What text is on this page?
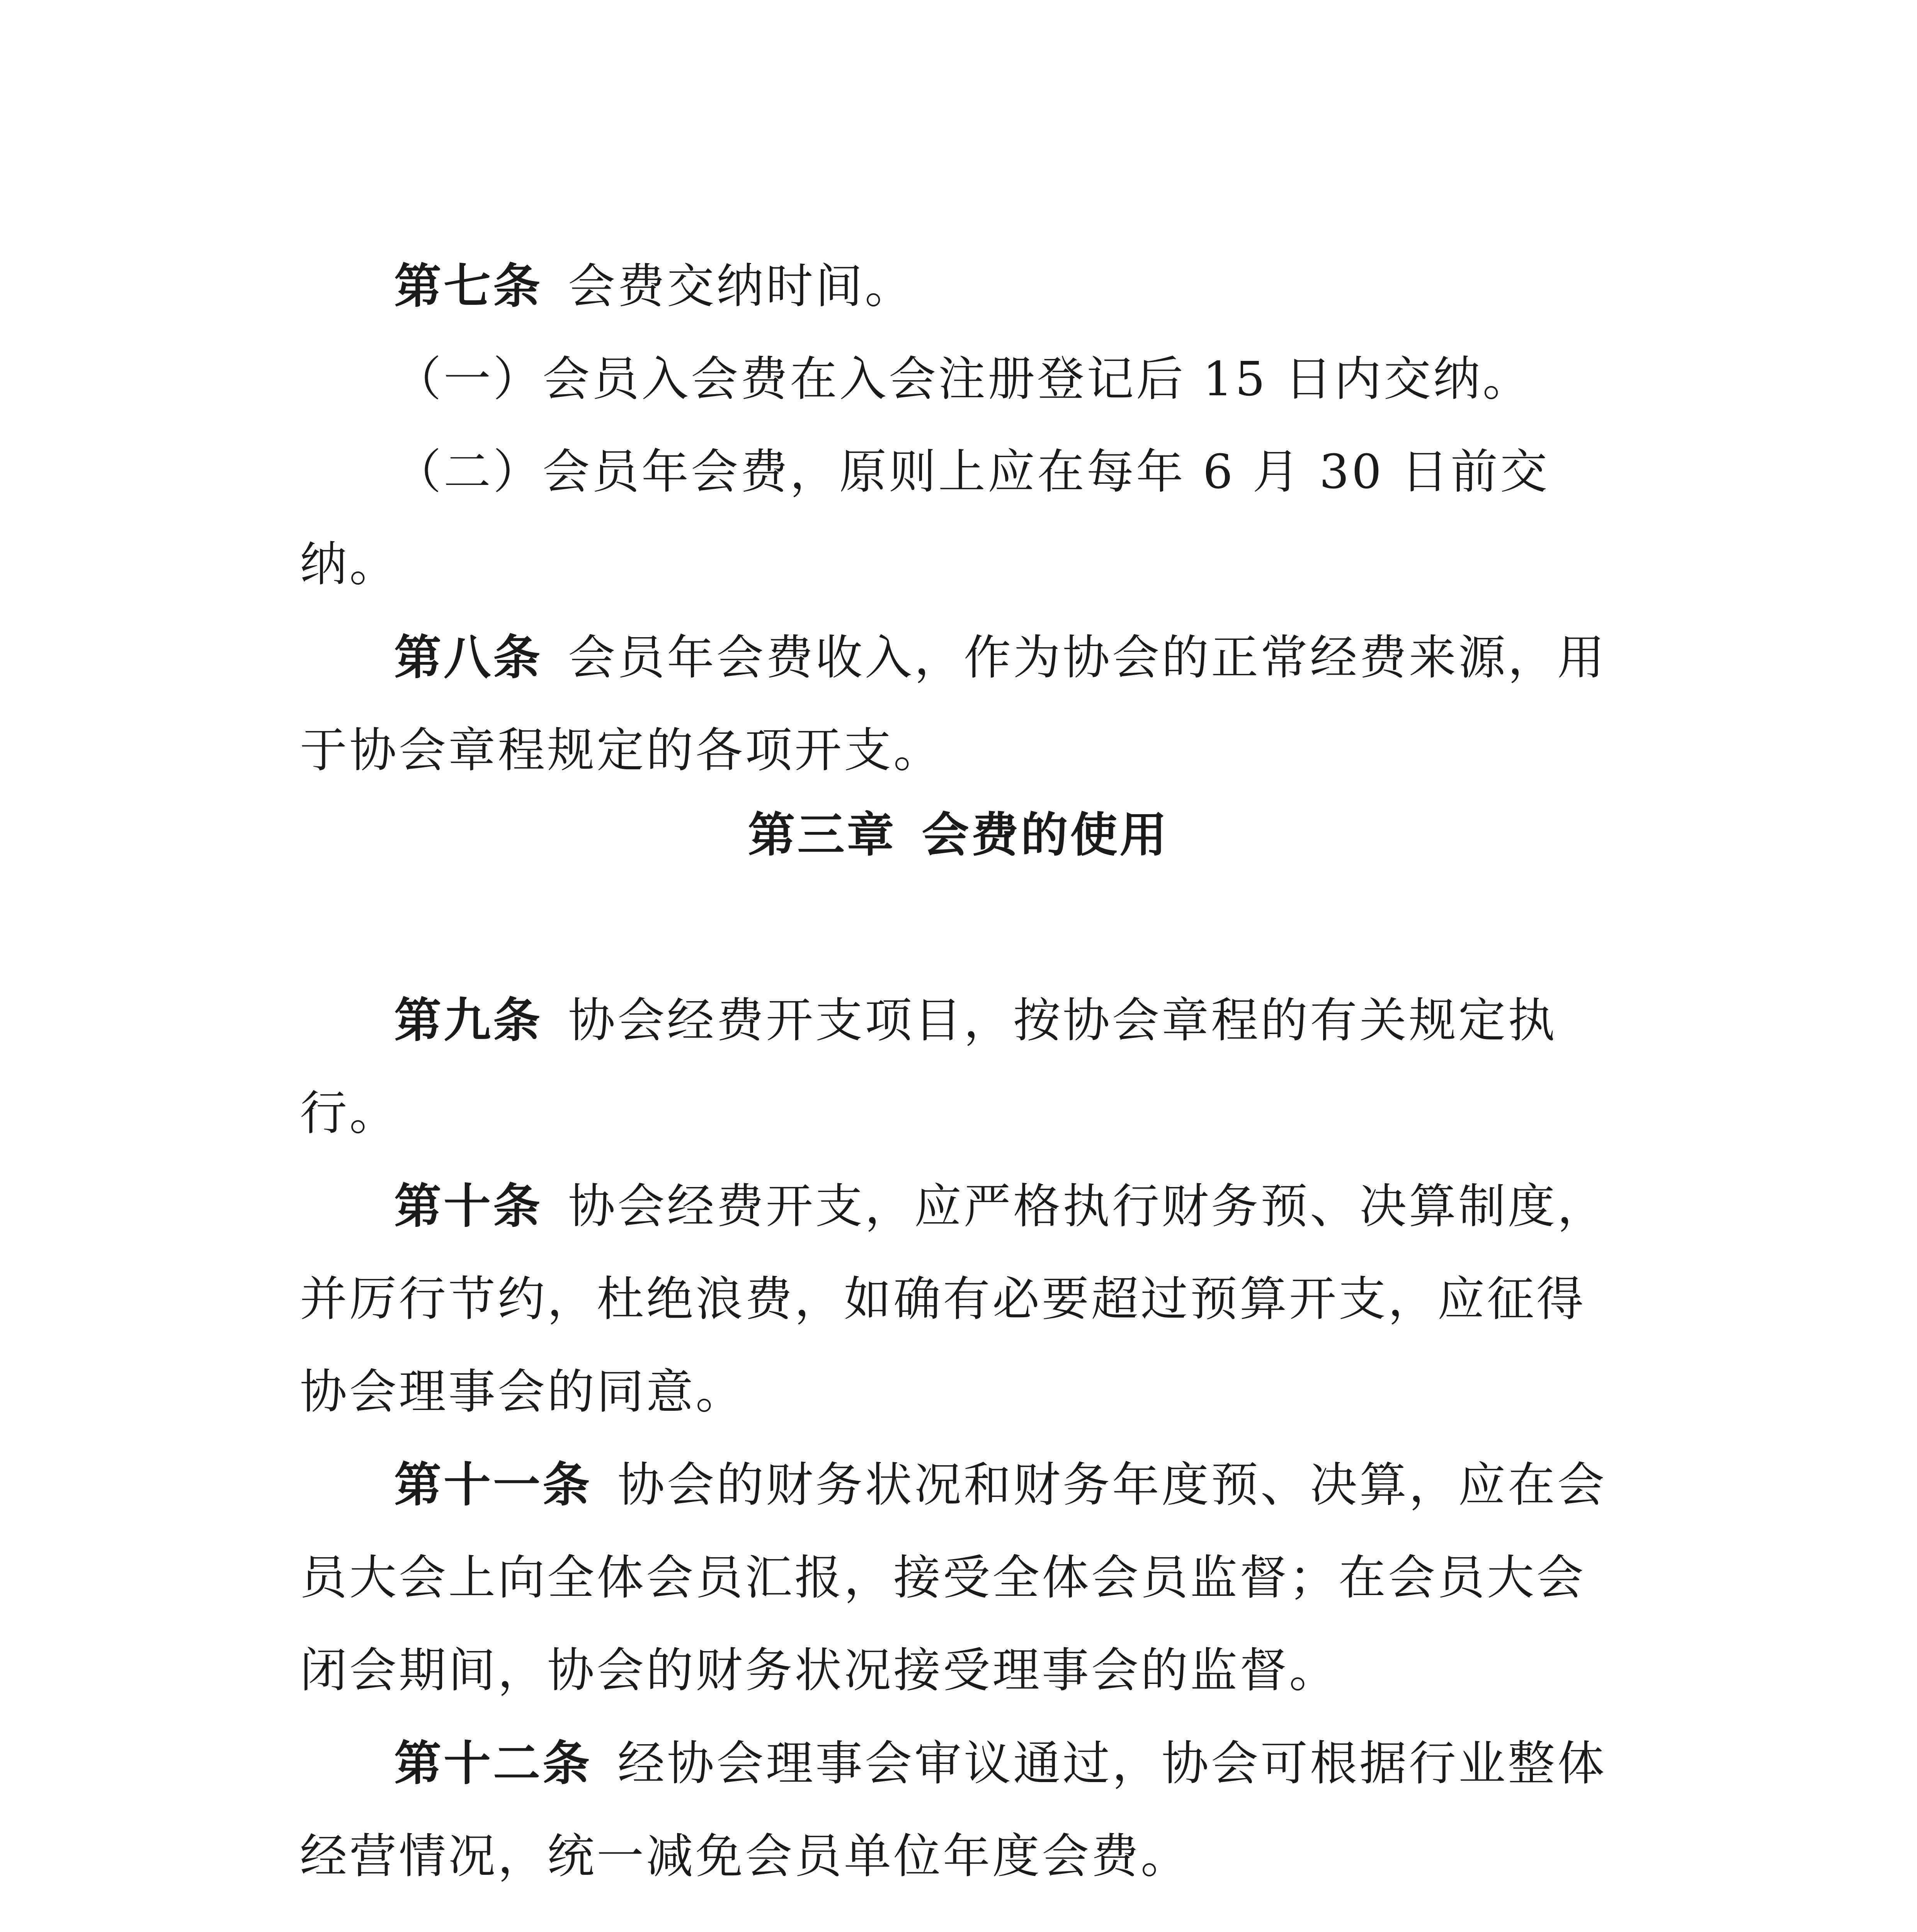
第七条 会费交纳时间。

（一）会员入会费在入会注册登记后 15 日内交纳。

（二）会员年会费，原则上应在每年 6 月 30 日前交纳。

第八条 会员年会费收入，作为协会的正常经费来源，用于协会章程规定的各项开支。

第三章 会费的使用

第九条 协会经费开支项目，按协会章程的有关规定执行。

第十条 协会经费开支，应严格执行财务预、决算制度，并厉行节约，杜绝浪费，如确有必要超过预算开支，应征得协会理事会的同意。

第十一条 协会的财务状况和财务年度预、决算，应在会员大会上向全体会员汇报，接受全体会员监督；在会员大会闭会期间，协会的财务状况接受理事会的监督。

第十二条 经协会理事会审议通过，协会可根据行业整体经营情况，统一减免会员单位年度会费。
